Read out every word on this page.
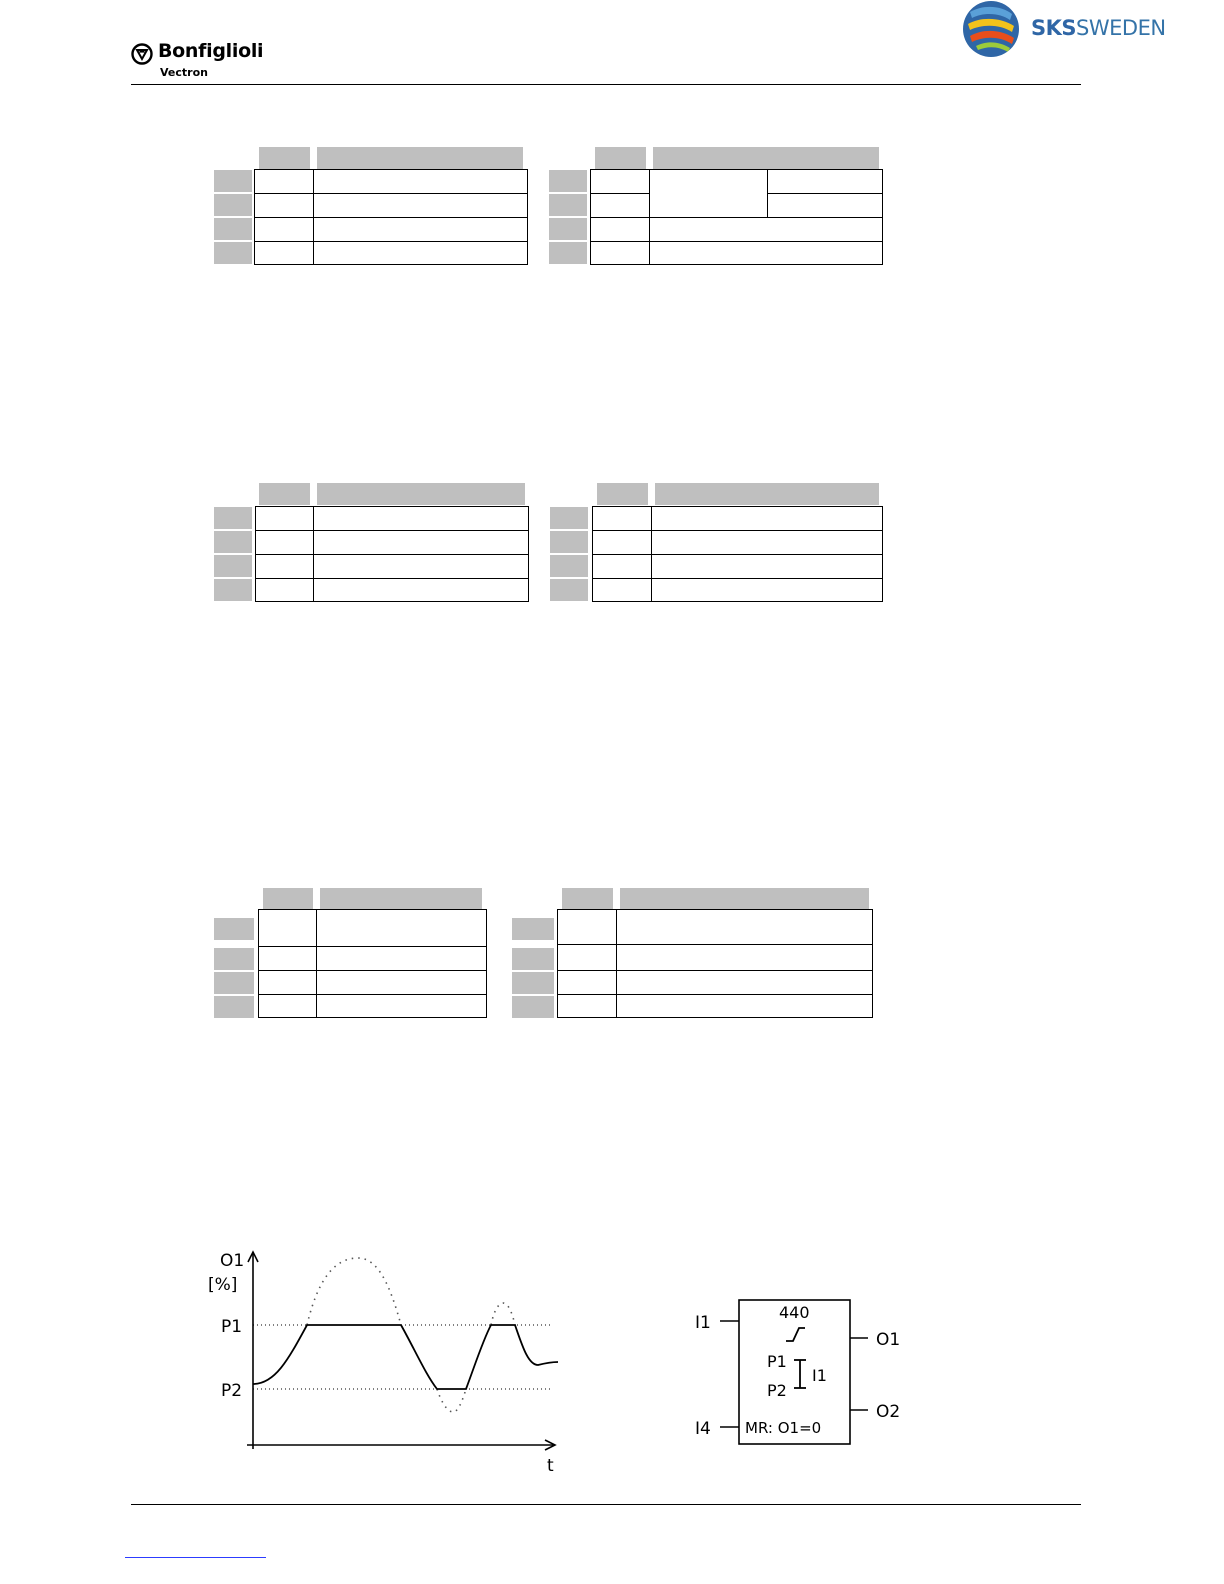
Bonfiglioli
Vectron
SKSSWEDEN
O1
[%]
P1
P2
t
440
P1
P2
I1
MR: O1=0
I1
I4
O1
O2
